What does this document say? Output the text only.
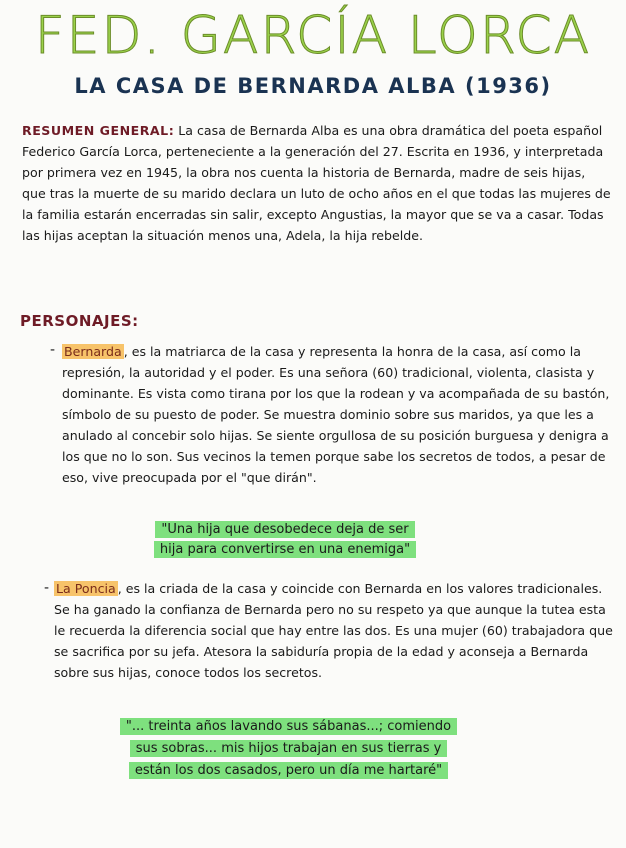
FED. GARCÍA LORCA
LA CASA DE BERNARDA ALBA (1936)

RESUMEN GENERAL: La casa de Bernarda Alba es una obra dramática del poeta español Federico García Lorca, perteneciente a la generación del 27. Escrita en 1936, y interpretada por primera vez en 1945, la obra nos cuenta la historia de Bernarda, madre de seis hijas, que tras la muerte de su marido declara un luto de ocho años en el que todas las mujeres de la familia estarán encerradas sin salir, excepto Angustias, la mayor que se va a casar. Todas las hijas aceptan la situación menos una, Adela, la hija rebelde.

PERSONAJES:
- Bernarda , es la matriarca de la casa y representa la honra de la casa, así como la represión, la autoridad y el poder. Es una señora (60) tradicional, violenta, clasista y dominante. Es vista como tirana por los que la rodean y va acompañada de su bastón, símbolo de su puesto de poder. Se muestra dominio sobre sus maridos, ya que les a anulado al concebir solo hijas. Se siente orgullosa de su posición burguesa y denigra a los que no lo son. Sus vecinos la temen porque sabe los secretos de todos, a pesar de eso, vive preocupada por el "que dirán".

"Una hija que desobedece deja de ser hija para convertirse en una enemiga"

- La Poncia , es la criada de la casa y coincide con Bernarda en los valores tradicionales. Se ha ganado la confianza de Bernarda pero no su respeto ya que aunque la tutea esta le recuerda la diferencia social que hay entre las dos. Es una mujer (60) trabajadora que se sacrifica por su jefa. Atesora la sabiduría propia de la edad y aconseja a Bernarda sobre sus hijas, conoce todos los secretos.

"... treinta años lavando sus sábanas...; comiendo sus sobras... mis hijos trabajan en sus tierras y están los dos casados, pero un día me hartaré"
